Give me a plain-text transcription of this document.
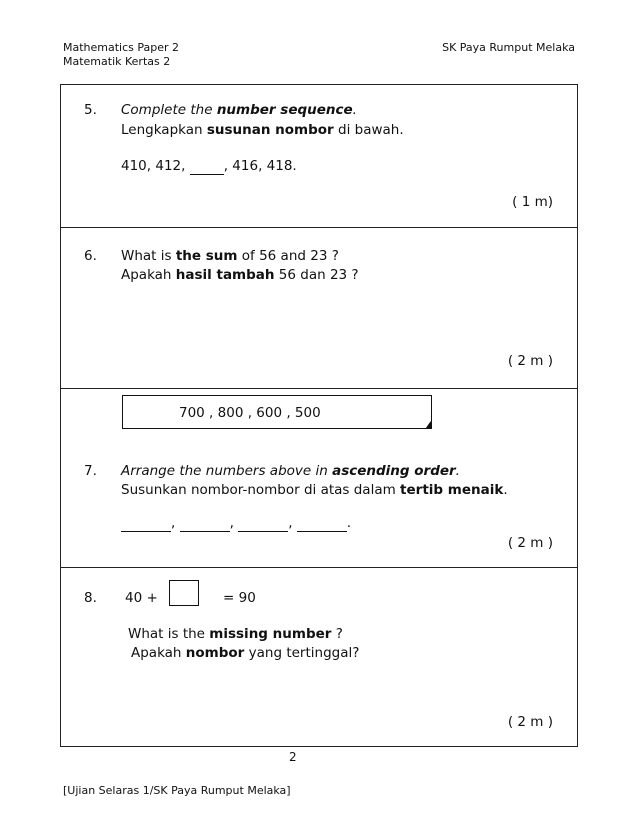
Mathematics Paper 2
Matematik Kertas 2
SK Paya Rumput Melaka
5. Complete the number sequence.
Lengkapkan susunan nombor di bawah.
410, 412,	, 416, 418.
( 1 m)
6. What is the sum of 56 and 23 ?
Apakah hasil tambah 56 dan 23 ?
( 2 m )
700 , 800 , 600 , 500
7. Arrange the numbers above in ascending order.
Susunkan nombor-nombor di atas dalam tertib menaik.
,	,	,	.
( 2 m )
8. 40 +	= 90
What is the missing number ?
Apakah nombor yang tertinggal?
( 2 m )
2
[Ujian Selaras 1/SK Paya Rumput Melaka]
